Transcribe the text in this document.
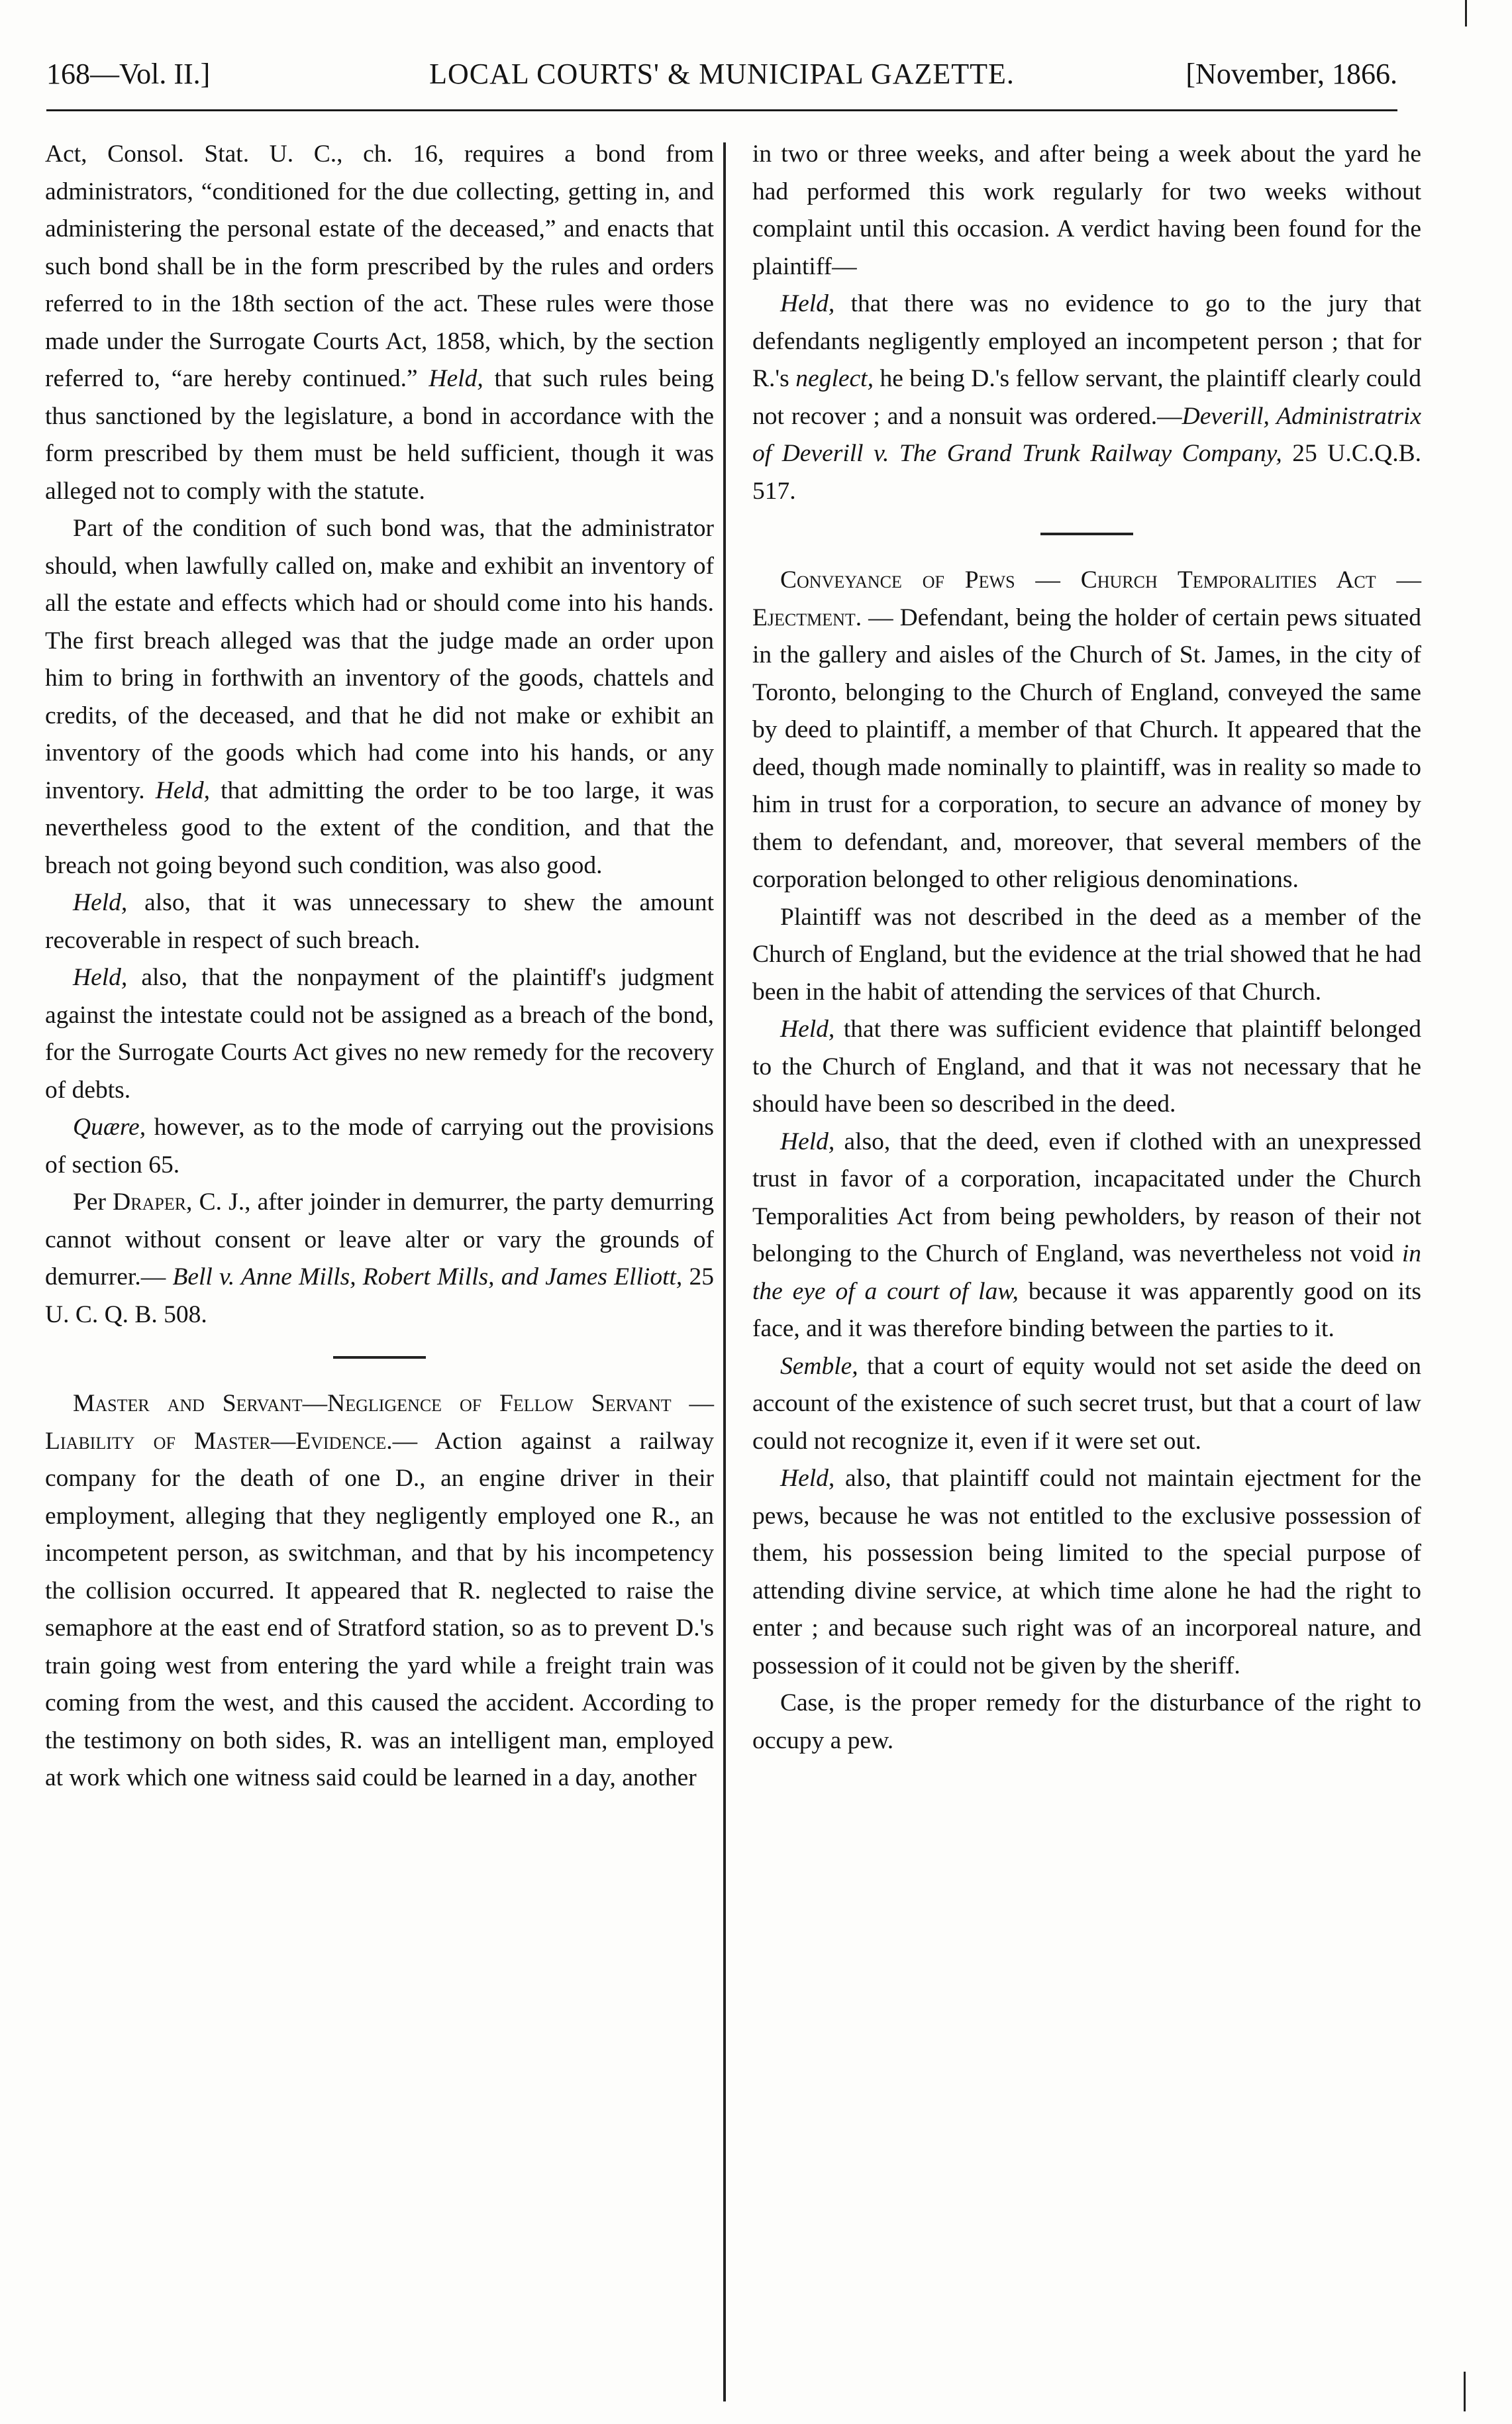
168—Vol. II.]	LOCAL COURTS' & MUNICIPAL GAZETTE.	[November, 1866.

Act, Consol. Stat. U. C., ch. 16, requires a bond from administrators, “conditioned for the due collecting, getting in, and administering the personal estate of the deceased,” and enacts that such bond shall be in the form prescribed by the rules and orders referred to in the 18th section of the act. These rules were those made under the Surrogate Courts Act, 1858, which, by the section referred to, “are hereby continued.” Held, that such rules being thus sanctioned by the legislature, a bond in accordance with the form prescribed by them must be held sufficient, though it was alleged not to comply with the statute.

Part of the condition of such bond was, that the administrator should, when lawfully called on, make and exhibit an inventory of all the estate and effects which had or should come into his hands. The first breach alleged was that the judge made an order upon him to bring in forthwith an inventory of the goods, chattels and credits, of the deceased, and that he did not make or exhibit an inventory of the goods which had come into his hands, or any inventory. Held, that admitting the order to be too large, it was nevertheless good to the extent of the condition, and that the breach not going beyond such condition, was also good.

Held, also, that it was unnecessary to shew the amount recoverable in respect of such breach.

Held, also, that the nonpayment of the plaintiff's judgment against the intestate could not be assigned as a breach of the bond, for the Surrogate Courts Act gives no new remedy for the recovery of debts.

Quære, however, as to the mode of carrying out the provisions of section 65.

Per Draper, C. J., after joinder in demurrer, the party demurring cannot without consent or leave alter or vary the grounds of demurrer.— Bell v. Anne Mills, Robert Mills, and James Elliott, 25 U. C. Q. B. 508.

Master and Servant—Negligence of Fellow Servant — Liability of Master—Evidence.— Action against a railway company for the death of one D., an engine driver in their employment, alleging that they negligently employed one R., an incompetent person, as switchman, and that by his incompetency the collision occurred. It appeared that R. neglected to raise the semaphore at the east end of Stratford station, so as to prevent D.'s train going west from entering the yard while a freight train was coming from the west, and this caused the accident. According to the testimony on both sides, R. was an intelligent man, employed at work which one witness said could be learned in a day, another

in two or three weeks, and after being a week about the yard he had performed this work regularly for two weeks without complaint until this occasion. A verdict having been found for the plaintiff—

Held, that there was no evidence to go to the jury that defendants negligently employed an incompetent person ; that for R.'s neglect, he being D.'s fellow servant, the plaintiff clearly could not recover ; and a nonsuit was ordered.—Deverill, Administratrix of Deverill v. The Grand Trunk Railway Company, 25 U.C.Q.B. 517.

Conveyance of Pews — Church Temporalities Act — Ejectment. — Defendant, being the holder of certain pews situated in the gallery and aisles of the Church of St. James, in the city of Toronto, belonging to the Church of England, conveyed the same by deed to plaintiff, a member of that Church. It appeared that the deed, though made nominally to plaintiff, was in reality so made to him in trust for a corporation, to secure an advance of money by them to defendant, and, moreover, that several members of the corporation belonged to other religious denominations.

Plaintiff was not described in the deed as a member of the Church of England, but the evidence at the trial showed that he had been in the habit of attending the services of that Church.

Held, that there was sufficient evidence that plaintiff belonged to the Church of England, and that it was not necessary that he should have been so described in the deed.

Held, also, that the deed, even if clothed with an unexpressed trust in favor of a corporation, incapacitated under the Church Temporalities Act from being pewholders, by reason of their not belonging to the Church of England, was nevertheless not void in the eye of a court of law, because it was apparently good on its face, and it was therefore binding between the parties to it.

Semble, that a court of equity would not set aside the deed on account of the existence of such secret trust, but that a court of law could not recognize it, even if it were set out.

Held, also, that plaintiff could not maintain ejectment for the pews, because he was not entitled to the exclusive possession of them, his possession being limited to the special purpose of attending divine service, at which time alone he had the right to enter ; and because such right was of an incorporeal nature, and possession of it could not be given by the sheriff.

Case, is the proper remedy for the disturbance of the right to occupy a pew.
